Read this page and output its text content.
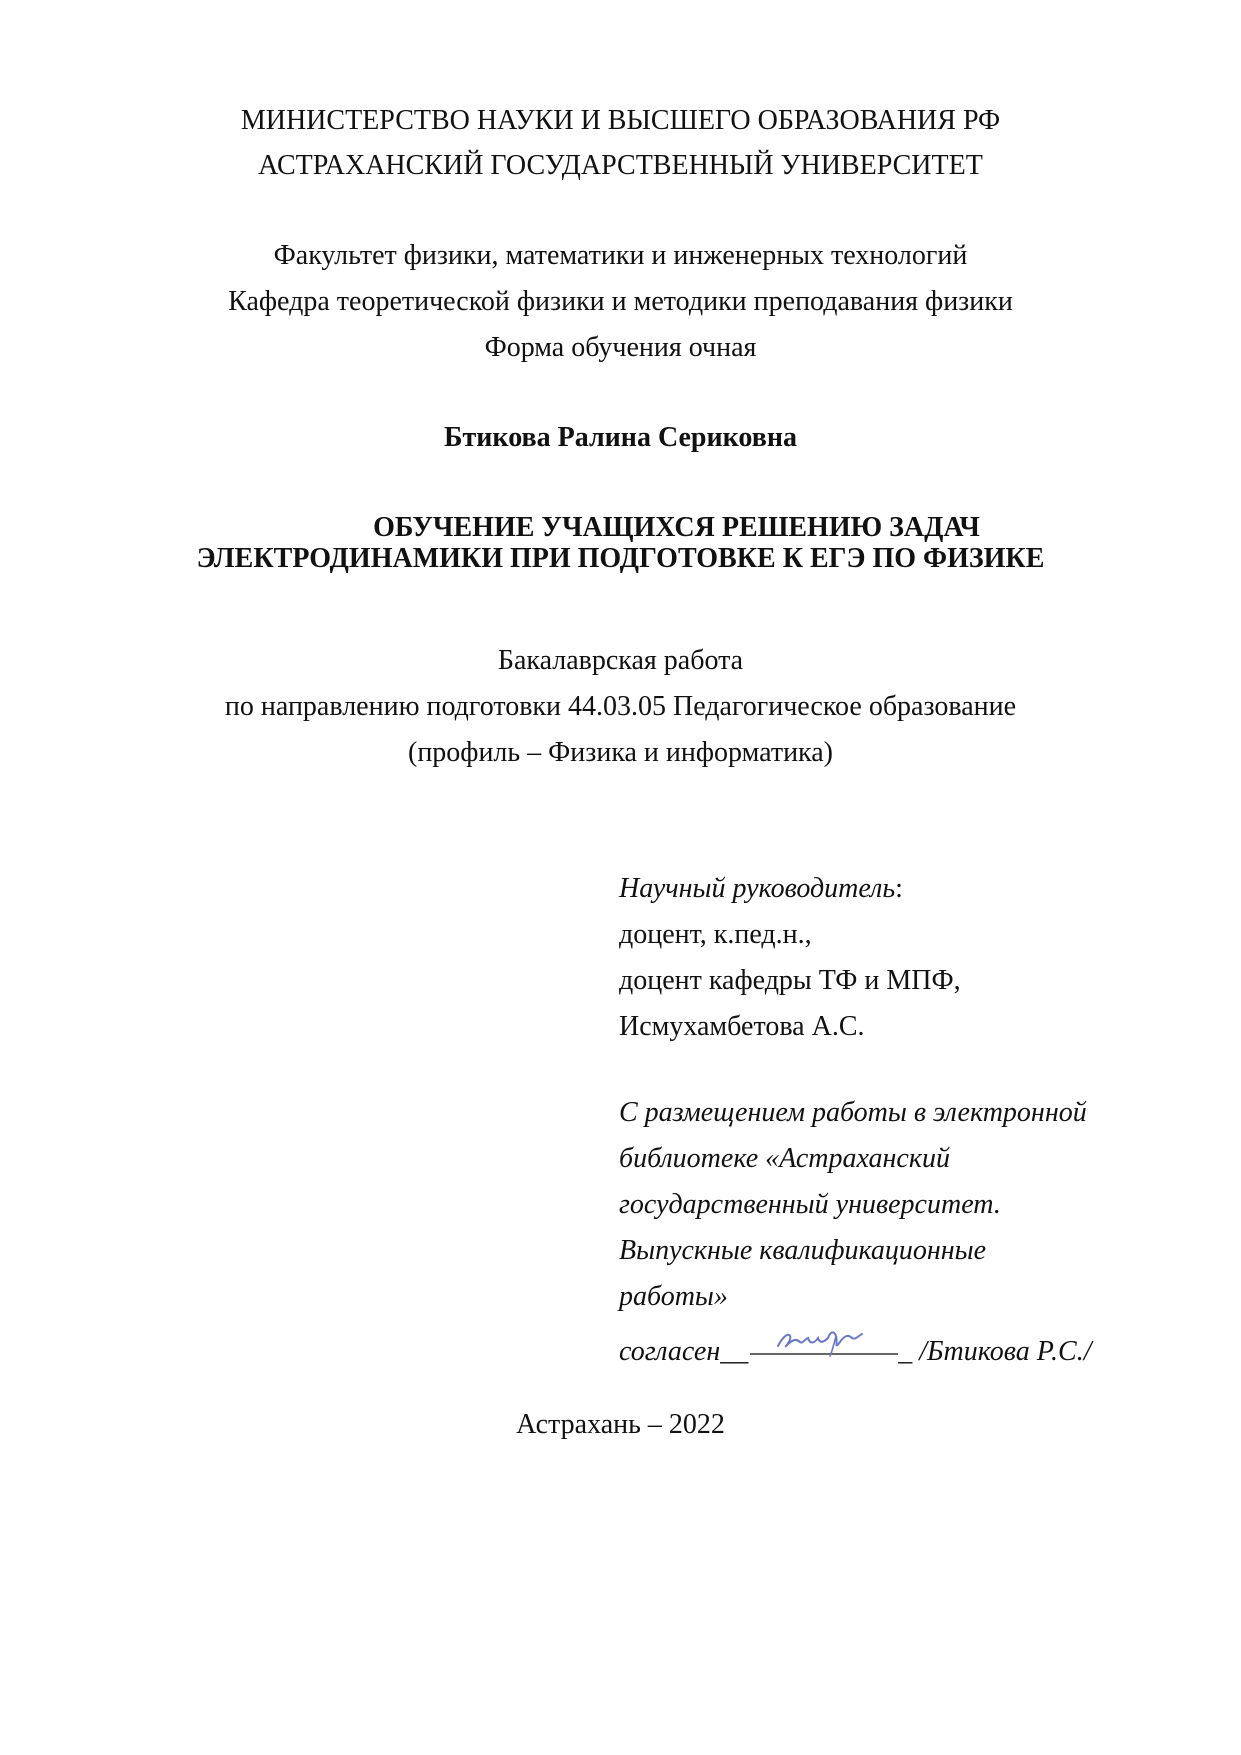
МИНИСТЕРСТВО НАУКИ И ВЫСШЕГО ОБРАЗОВАНИЯ РФ
АСТРАХАНСКИЙ ГОСУДАРСТВЕННЫЙ УНИВЕРСИТЕТ
Факультет физики, математики и инженерных технологий
Кафедра теоретической физики и методики преподавания физики
Форма обучения очная
Бтикова Ралина Сериковна
ОБУЧЕНИЕ УЧАЩИХСЯ РЕШЕНИЮ ЗАДАЧ
ЭЛЕКТРОДИНАМИКИ ПРИ ПОДГОТОВКЕ К ЕГЭ ПО ФИЗИКЕ
Бакалаврская работа
по направлению подготовки 44.03.05 Педагогическое образование
(профиль – Физика и информатика)
Научный руководитель:
доцент, к.пед.н.,
доцент кафедры ТФ и МПФ,
Исмухамбетова А.С.
С размещением работы в электронной
библиотеке «Астраханский
государственный университет.
Выпускные квалификационные
работы»
согласен__	_ /Бтикова Р.С./
Астрахань – 2022
